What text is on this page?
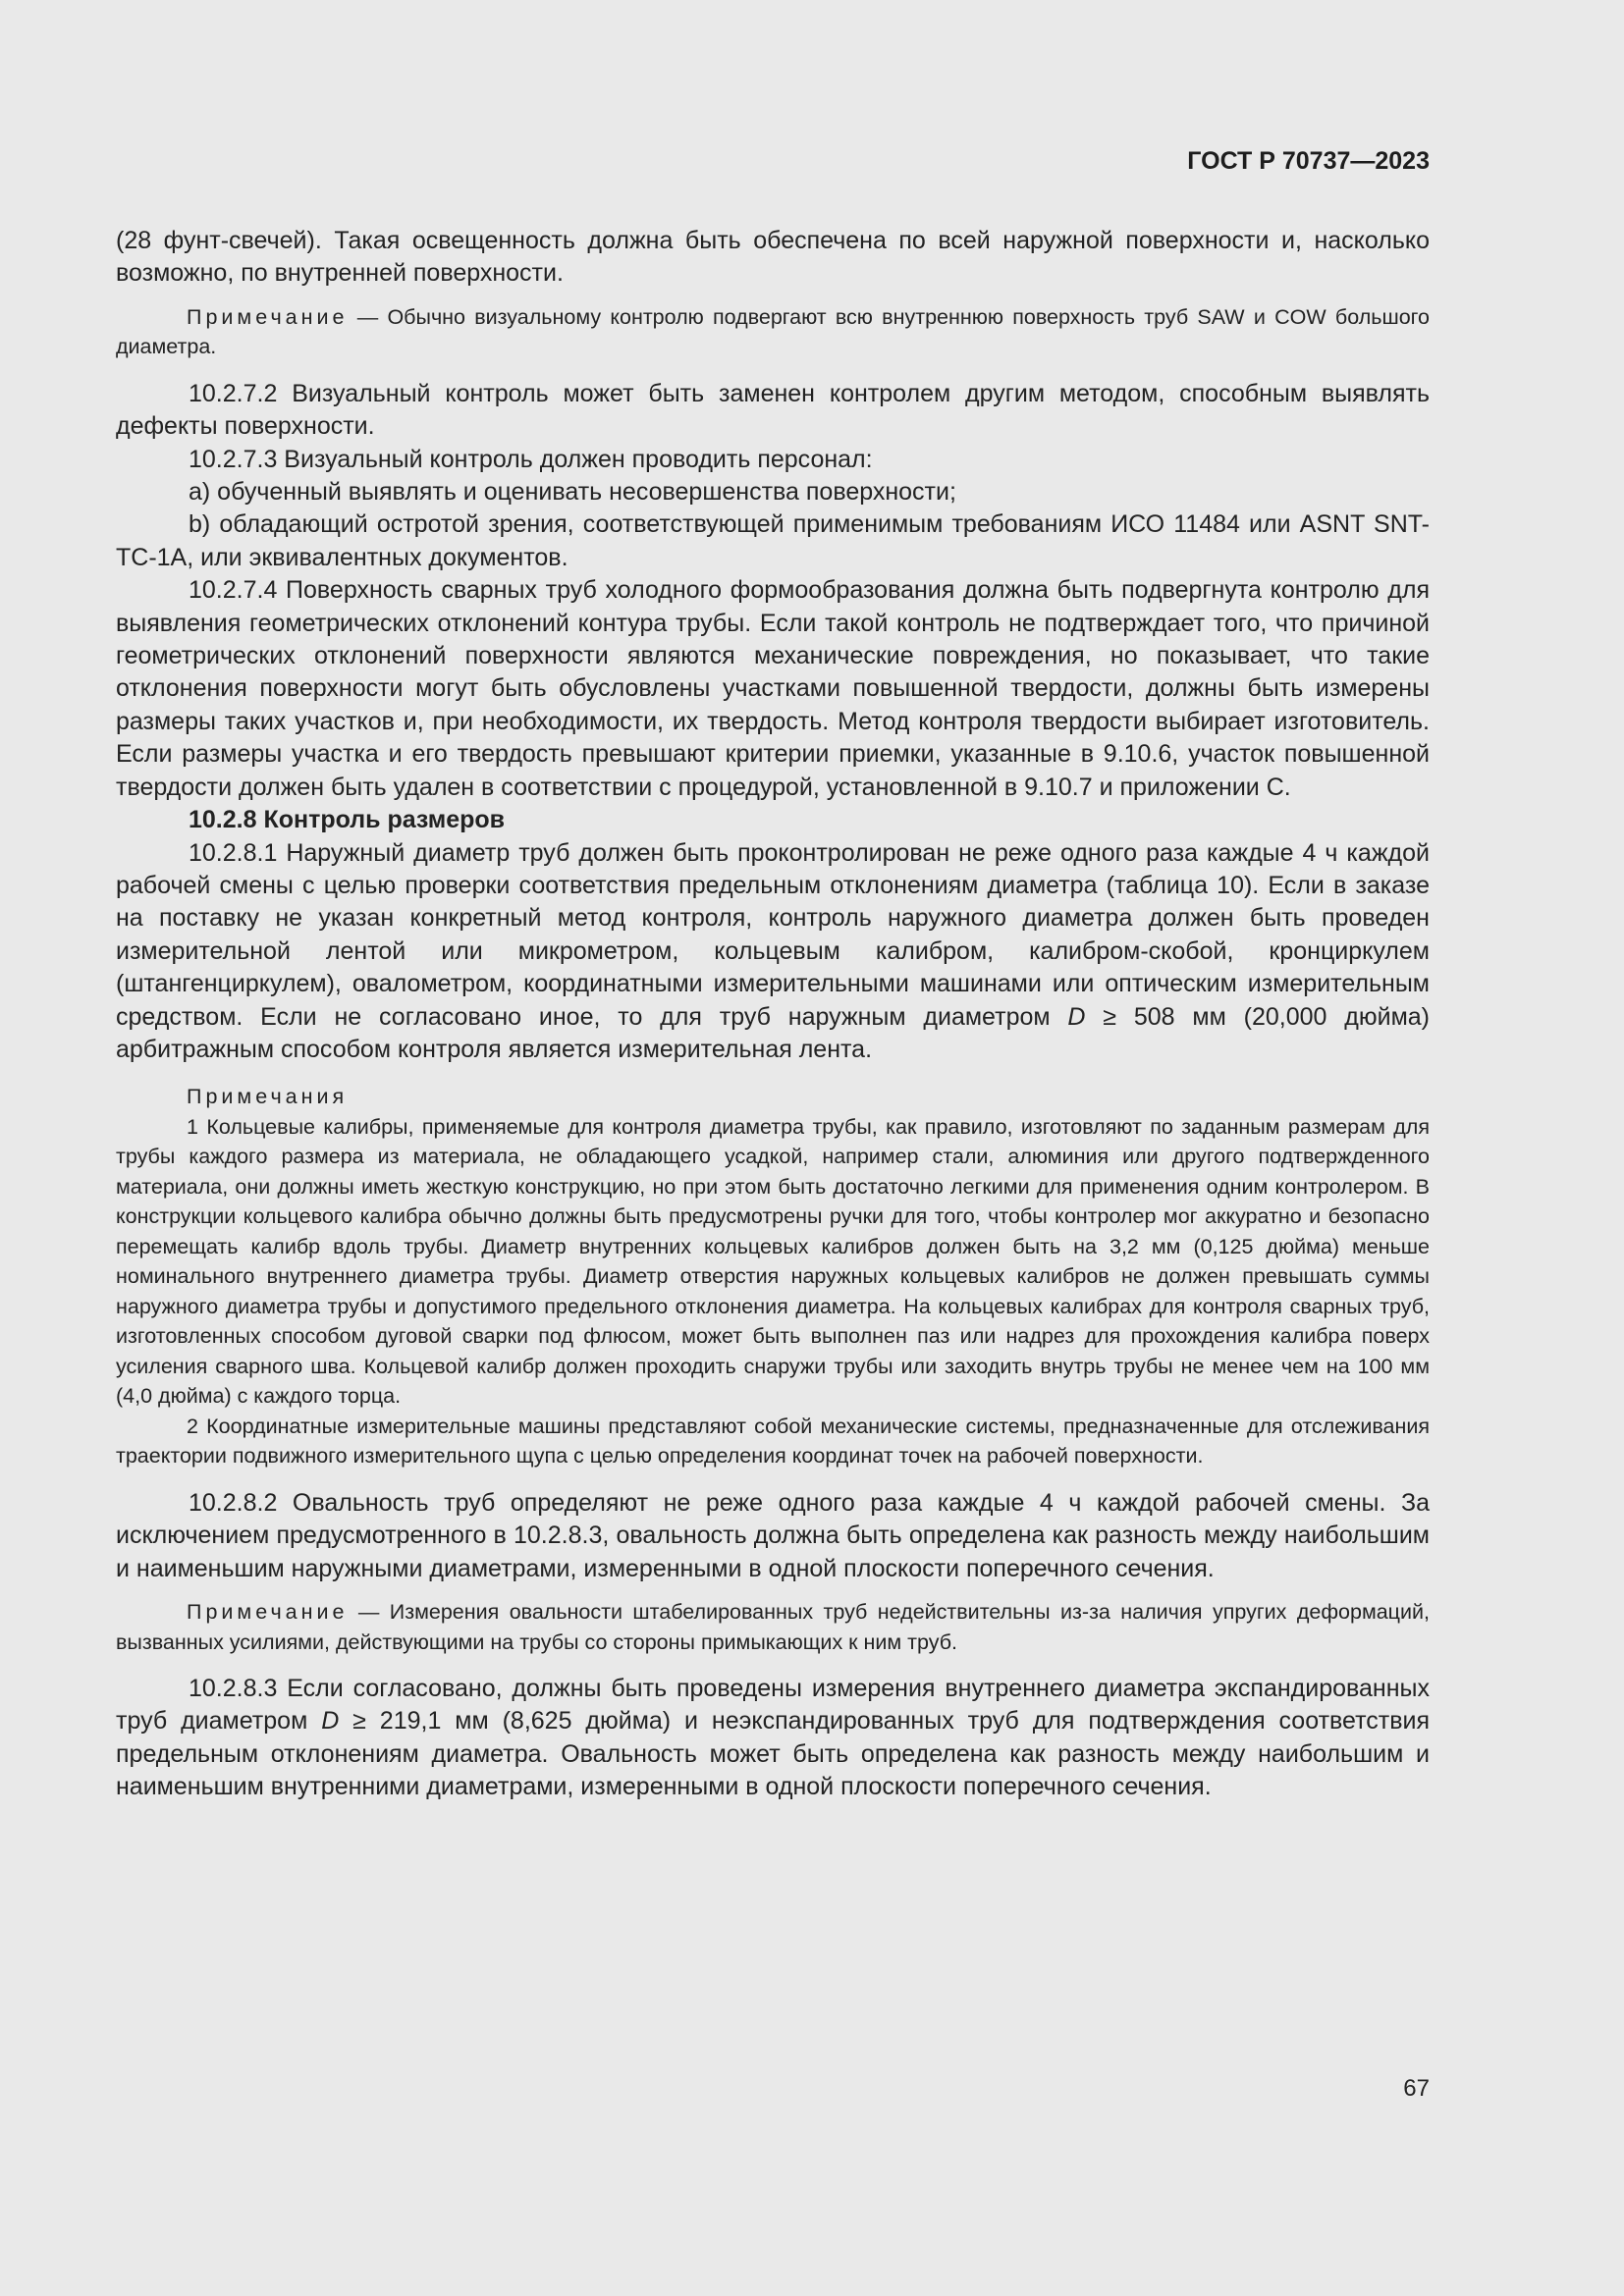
ГОСТ Р 70737—2023

(28 фунт-свечей). Такая освещенность должна быть обеспечена по всей наружной поверхности и, насколько возможно, по внутренней поверхности.

Примечание — Обычно визуальному контролю подвергают всю внутреннюю поверхность труб SAW и COW большого диаметра.

10.2.7.2 Визуальный контроль может быть заменен контролем другим методом, способным выявлять дефекты поверхности.

10.2.7.3 Визуальный контроль должен проводить персонал:

а) обученный выявлять и оценивать несовершенства поверхности;

b) обладающий остротой зрения, соответствующей применимым требованиям ИСО 11484 или ASNT SNT-TC-1A, или эквивалентных документов.

10.2.7.4 Поверхность сварных труб холодного формообразования должна быть подвергнута контролю для выявления геометрических отклонений контура трубы. Если такой контроль не подтверждает того, что причиной геометрических отклонений поверхности являются механические повреждения, но показывает, что такие отклонения поверхности могут быть обусловлены участками повышенной твердости, должны быть измерены размеры таких участков и, при необходимости, их твердость. Метод контроля твердости выбирает изготовитель. Если размеры участка и его твердость превышают критерии приемки, указанные в 9.10.6, участок повышенной твердости должен быть удален в соответствии с процедурой, установленной в 9.10.7 и приложении С.

10.2.8 Контроль размеров

10.2.8.1 Наружный диаметр труб должен быть проконтролирован не реже одного раза каждые 4 ч каждой рабочей смены с целью проверки соответствия предельным отклонениям диаметра (таблица 10). Если в заказе на поставку не указан конкретный метод контроля, контроль наружного диаметра должен быть проведен измерительной лентой или микрометром, кольцевым калибром, калибром-скобой, кронциркулем (штангенциркулем), овалометром, координатными измерительными машинами или оптическим измерительным средством. Если не согласовано иное, то для труб наружным диаметром D ≥ 508 мм (20,000 дюйма) арбитражным способом контроля является измерительная лента.

Примечания

1 Кольцевые калибры, применяемые для контроля диаметра трубы, как правило, изготовляют по заданным размерам для трубы каждого размера из материала, не обладающего усадкой, например стали, алюминия или другого подтвержденного материала, они должны иметь жесткую конструкцию, но при этом быть достаточно легкими для применения одним контролером. В конструкции кольцевого калибра обычно должны быть предусмотрены ручки для того, чтобы контролер мог аккуратно и безопасно перемещать калибр вдоль трубы. Диаметр внутренних кольцевых калибров должен быть на 3,2 мм (0,125 дюйма) меньше номинального внутреннего диаметра трубы. Диаметр отверстия наружных кольцевых калибров не должен превышать суммы наружного диаметра трубы и допустимого предельного отклонения диаметра. На кольцевых калибрах для контроля сварных труб, изготовленных способом дуговой сварки под флюсом, может быть выполнен паз или надрез для прохождения калибра поверх усиления сварного шва. Кольцевой калибр должен проходить снаружи трубы или заходить внутрь трубы не менее чем на 100 мм (4,0 дюйма) с каждого торца.

2 Координатные измерительные машины представляют собой механические системы, предназначенные для отслеживания траектории подвижного измерительного щупа с целью определения координат точек на рабочей поверхности.

10.2.8.2 Овальность труб определяют не реже одного раза каждые 4 ч каждой рабочей смены. За исключением предусмотренного в 10.2.8.3, овальность должна быть определена как разность между наибольшим и наименьшим наружными диаметрами, измеренными в одной плоскости поперечного сечения.

Примечание — Измерения овальности штабелированных труб недействительны из-за наличия упругих деформаций, вызванных усилиями, действующими на трубы со стороны примыкающих к ним труб.

10.2.8.3 Если согласовано, должны быть проведены измерения внутреннего диаметра экспандированных труб диаметром D ≥ 219,1 мм (8,625 дюйма) и неэкспандированных труб для подтверждения соответствия предельным отклонениям диаметра. Овальность может быть определена как разность между наибольшим и наименьшим внутренними диаметрами, измеренными в одной плоскости поперечного сечения.

67
